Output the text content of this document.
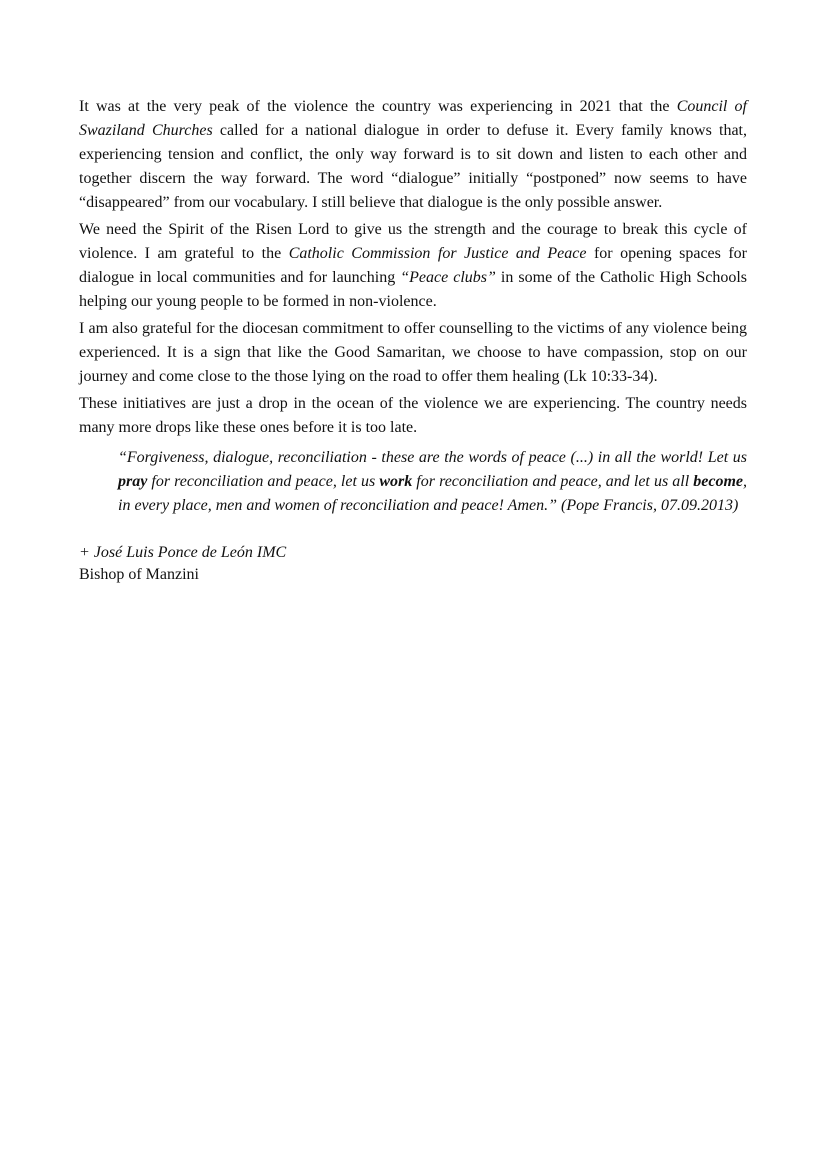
It was at the very peak of the violence the country was experiencing in 2021 that the Council of Swaziland Churches called for a national dialogue in order to defuse it. Every family knows that, experiencing tension and conflict, the only way forward is to sit down and listen to each other and together discern the way forward. The word “dialogue” initially “postponed” now seems to have “disappeared” from our vocabulary. I still believe that dialogue is the only possible answer.

We need the Spirit of the Risen Lord to give us the strength and the courage to break this cycle of violence. I am grateful to the Catholic Commission for Justice and Peace for opening spaces for dialogue in local communities and for launching “Peace clubs” in some of the Catholic High Schools helping our young people to be formed in non-violence.

I am also grateful for the diocesan commitment to offer counselling to the victims of any violence being experienced. It is a sign that like the Good Samaritan, we choose to have compassion, stop on our journey and come close to the those lying on the road to offer them healing (Lk 10:33-34).

These initiatives are just a drop in the ocean of the violence we are experiencing. The country needs many more drops like these ones before it is too late.

“Forgiveness, dialogue, reconciliation - these are the words of peace (...) in all the world! Let us pray for reconciliation and peace, let us work for reconciliation and peace, and let us all become, in every place, men and women of reconciliation and peace! Amen.” (Pope Francis, 07.09.2013)

+ José Luis Ponce de León IMC
Bishop of Manzini
